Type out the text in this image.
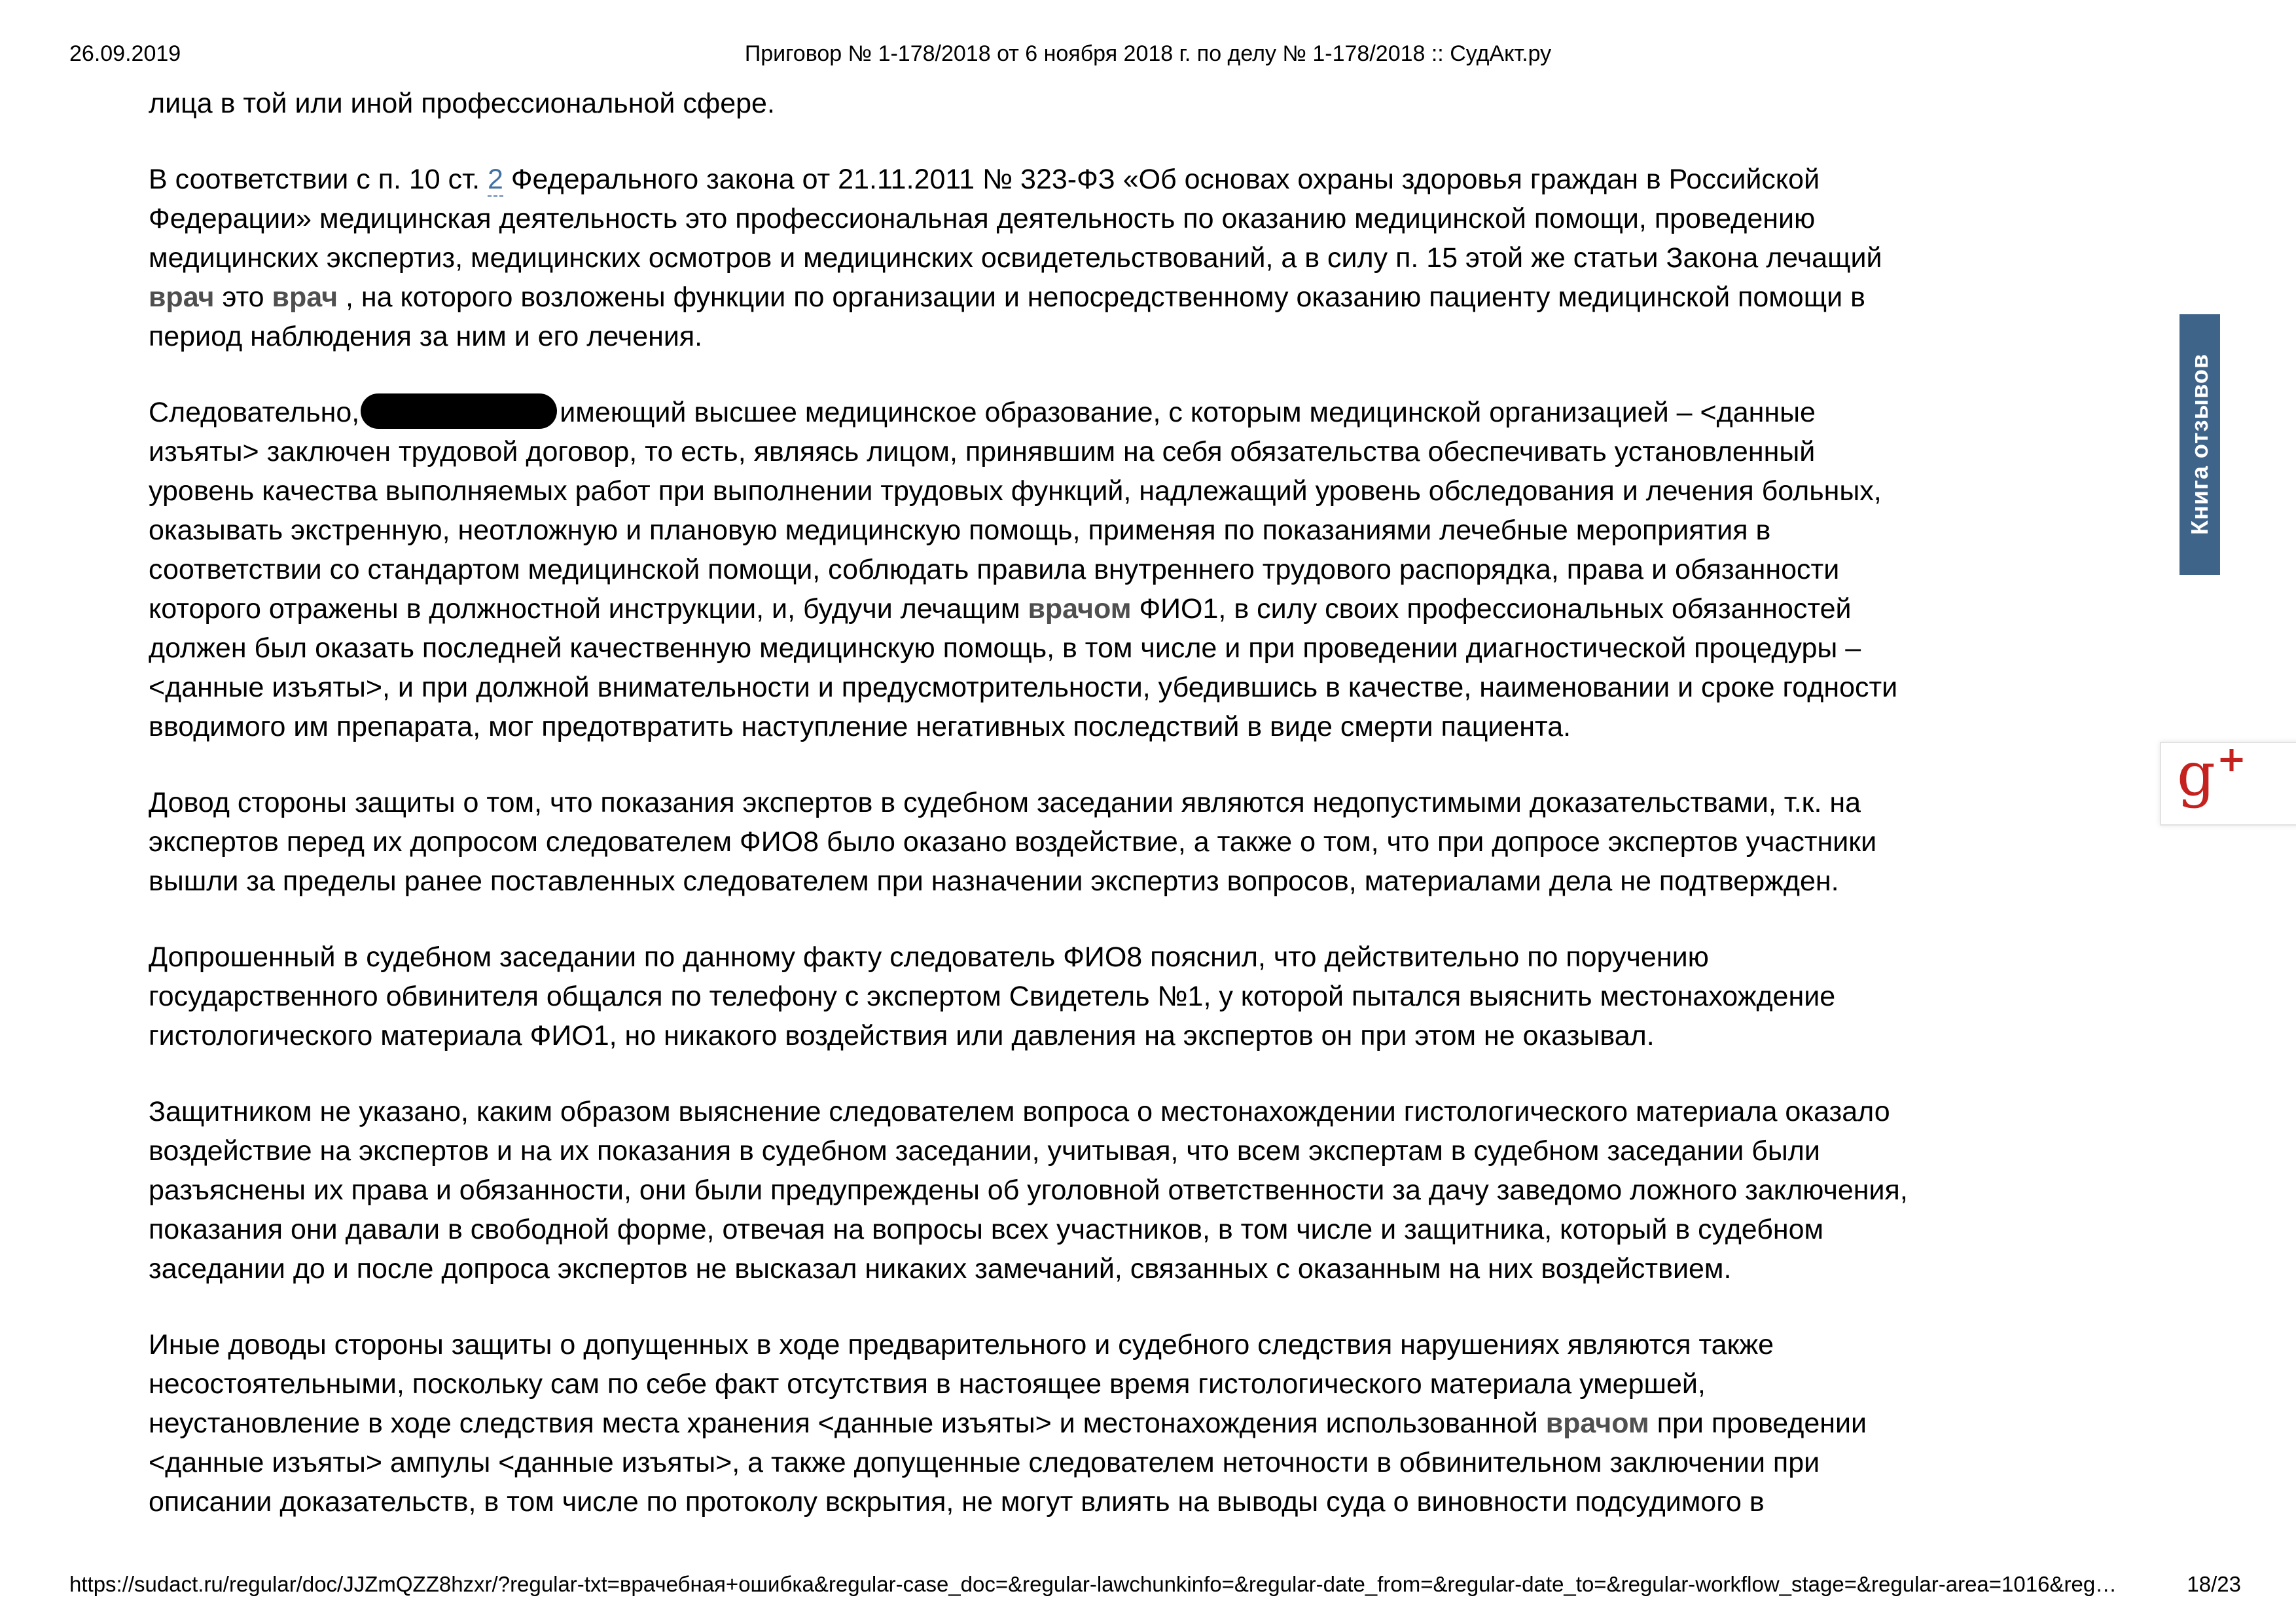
26.09.2019	Приговор № 1-178/2018 от 6 ноября 2018 г. по делу № 1-178/2018 :: СудАкт.ру
лица в той или иной профессиональной сфере.
В соответствии с п. 10 ст. 2 Федерального закона от 21.11.2011 № 323-ФЗ «Об основах охраны здоровья граждан в Российской
Федерации» медицинская деятельность это профессиональная деятельность по оказанию медицинской помощи, проведению
медицинских экспертиз, медицинских осмотров и медицинских освидетельствований, а в силу п. 15 этой же статьи Закона лечащий
врач это врач , на которого возложены функции по организации и непосредственному оказанию пациенту медицинской помощи в
период наблюдения за ним и его лечения.
Следовательно,	имеющий высшее медицинское образование, с которым медицинской организацией – <данные
изъяты> заключен трудовой договор, то есть, являясь лицом, принявшим на себя обязательства обеспечивать установленный
уровень качества выполняемых работ при выполнении трудовых функций, надлежащий уровень обследования и лечения больных,
оказывать экстренную, неотложную и плановую медицинскую помощь, применяя по показаниями лечебные мероприятия в
соответствии со стандартом медицинской помощи, соблюдать правила внутреннего трудового распорядка, права и обязанности
которого отражены в должностной инструкции, и, будучи лечащим врачом ФИО1, в силу своих профессиональных обязанностей
должен был оказать последней качественную медицинскую помощь, в том числе и при проведении диагностической процедуры –
<данные изъяты>, и при должной внимательности и предусмотрительности, убедившись в качестве, наименовании и сроке годности
вводимого им препарата, мог предотвратить наступление негативных последствий в виде смерти пациента.
Довод стороны защиты о том, что показания экспертов в судебном заседании являются недопустимыми доказательствами, т.к. на
экспертов перед их допросом следователем ФИО8 было оказано воздействие, а также о том, что при допросе экспертов участники
вышли за пределы ранее поставленных следователем при назначении экспертиз вопросов, материалами дела не подтвержден.
Допрошенный в судебном заседании по данному факту следователь ФИО8 пояснил, что действительно по поручению
государственного обвинителя общался по телефону с экспертом Свидетель №1, у которой пытался выяснить местонахождение
гистологического материала ФИО1, но никакого воздействия или давления на экспертов он при этом не оказывал.
Защитником не указано, каким образом выяснение следователем вопроса о местонахождении гистологического материала оказало
воздействие на экспертов и на их показания в судебном заседании, учитывая, что всем экспертам в судебном заседании были
разъяснены их права и обязанности, они были предупреждены об уголовной ответственности за дачу заведомо ложного заключения,
показания они давали в свободной форме, отвечая на вопросы всех участников, в том числе и защитника, который в судебном
заседании до и после допроса экспертов не высказал никаких замечаний, связанных с оказанным на них воздействием.
Иные доводы стороны защиты о допущенных в ходе предварительного и судебного следствия нарушениях являются также
несостоятельными, поскольку сам по себе факт отсутствия в настоящее время гистологического материала умершей,
неустановление в ходе следствия места хранения <данные изъяты> и местонахождения использованной врачом при проведении
<данные изъяты> ампулы <данные изъяты>, а также допущенные следователем неточности в обвинительном заключении при
описании доказательств, в том числе по протоколу вскрытия, не могут влиять на выводы суда о виновности подсудимого в
Книга отзывов
g+
https://sudact.ru/regular/doc/JJZmQZZ8hzxr/?regular-txt=врачебная+ошибка&regular-case_doc=&regular-lawchunkinfo=&regular-date_from=&regular-date_to=&regular-workflow_stage=&regular-area=1016&reg…	18/23
